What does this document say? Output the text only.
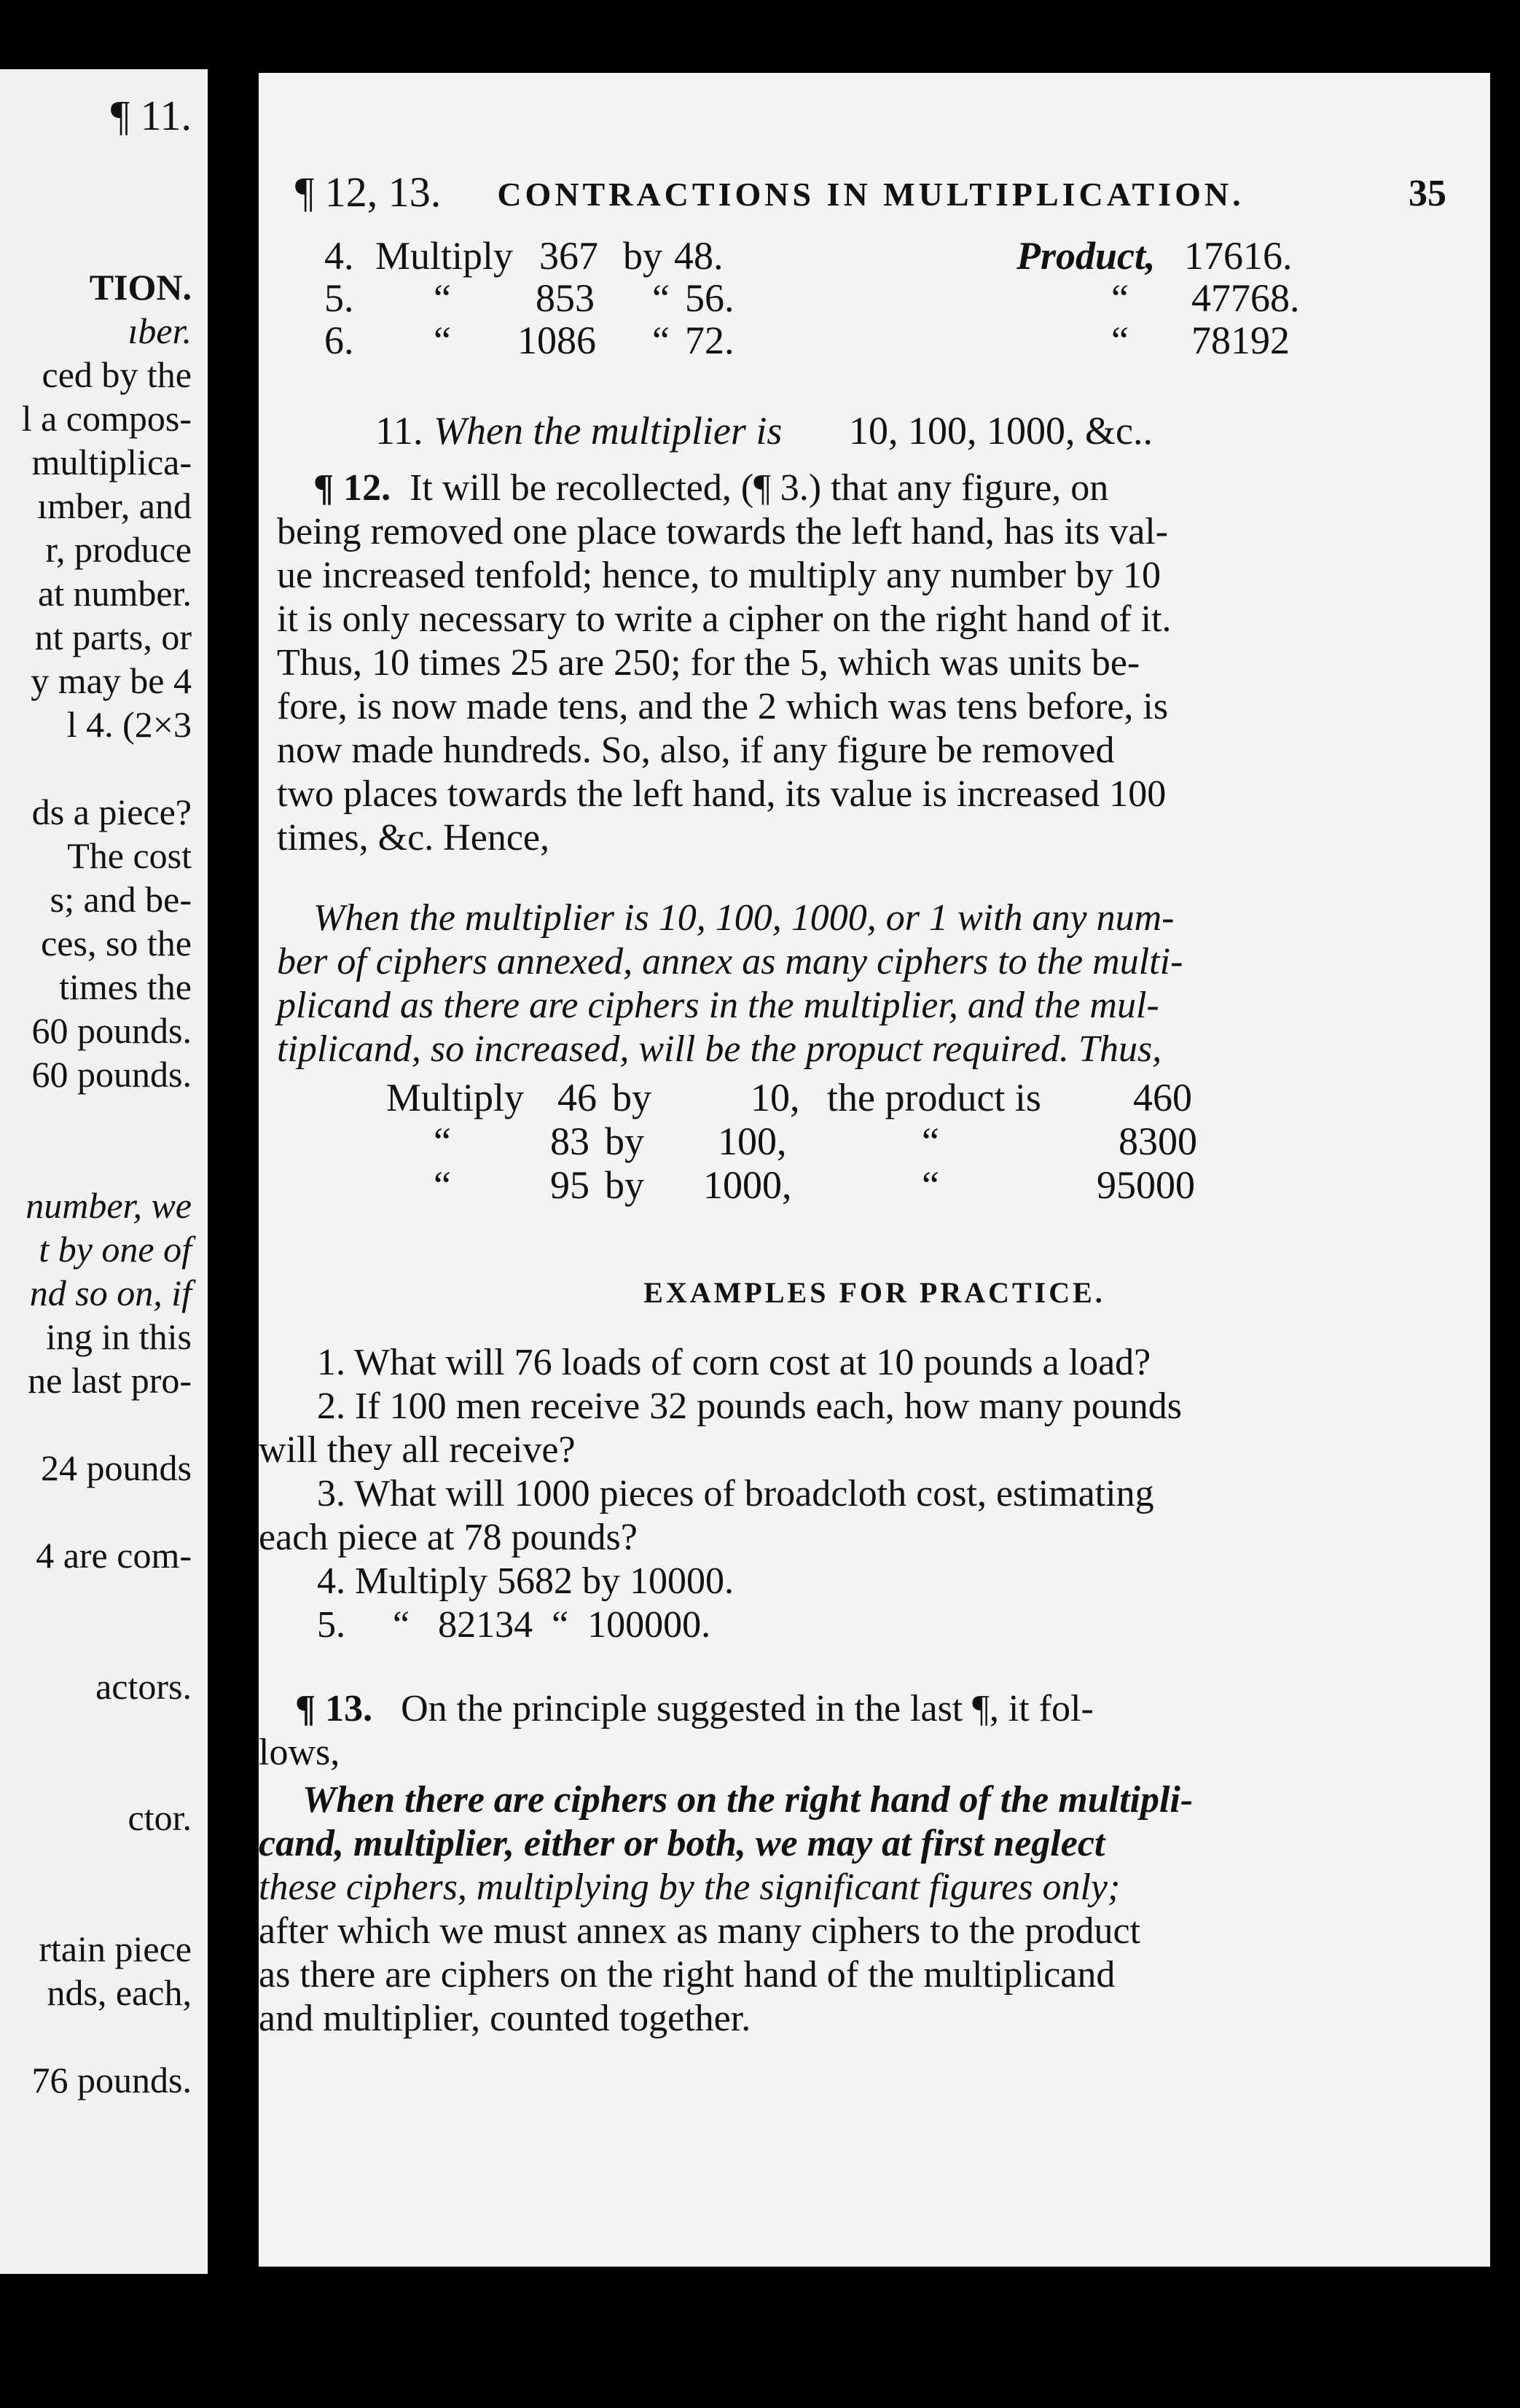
¶ 11.
TION.
ıber.
ced by the
l a compos-
multiplica-
ımber, and
r, produce
at number.
nt parts, or
y may be 4
l 4. (2×3
ds a piece?
The cost
s; and be-
ces, so the
times the
60 pounds.
60 pounds.
number, we
t by one of
nd so on, if
ing in this
ne last pro-
24 pounds
4 are com-
actors.
ctor.
rtain piece
nds, each,
76 pounds.
¶ 12, 13.	CONTRACTIONS IN MULTIPLICATION.	35
4. Multiply 367 by 48.	Product, 17616.
5. “ 853 “ 56.	“ 47768.
6. “ 1086 “ 72.	“ 78192
11. When the multiplier is 10, 100, 1000, &c..
¶ 12. It will be recollected, (¶ 3.) that any figure, on
being removed one place towards the left hand, has its val-
ue increased tenfold; hence, to multiply any number by 10
it is only necessary to write a cipher on the right hand of it.
Thus, 10 times 25 are 250; for the 5, which was units be-
fore, is now made tens, and the 2 which was tens before, is
now made hundreds. So, also, if any figure be removed
two places towards the left hand, its value is increased 100
times, &c. Hence,
When the multiplier is 10, 100, 1000, or 1 with any num-
ber of ciphers annexed, annex as many ciphers to the multi-
plicand as there are ciphers in the multiplier, and the mul-
tiplicand, so increased, will be the propuct required. Thus,
Multiply 46 by	10, the product is 460
“	83 by 100,	“	8300
“	95 by 1000,	“	95000
EXAMPLES FOR PRACTICE.
1. What will 76 loads of corn cost at 10 pounds a load?
2. If 100 men receive 32 pounds each, how many pounds
will they all receive?
3. What will 1000 pieces of broadcloth cost, estimating
each piece at 78 pounds?
4. Multiply 5682 by 10000.
5.     “   82134  “  100000.
¶ 13. On the principle suggested in the last ¶, it fol-
lows,
When there are ciphers on the right hand of the multipli-
cand, multiplier, either or both, we may at first neglect
these ciphers, multiplying by the significant figures only;
after which we must annex as many ciphers to the product
as there are ciphers on the right hand of the multiplicand
and multiplier, counted together.
